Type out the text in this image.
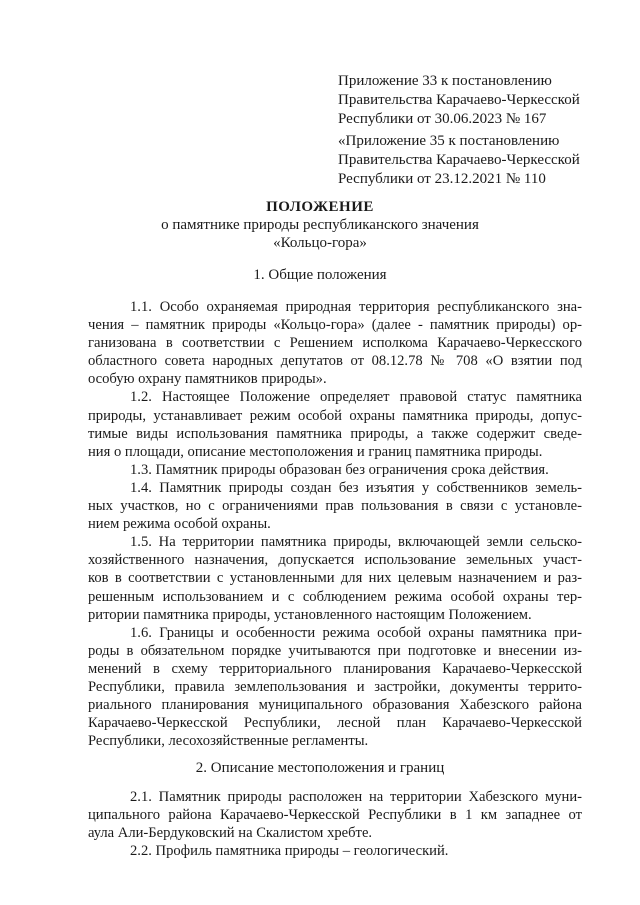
Приложение 33 к постановлению
Правительства Карачаево-Черкесской
Республики от 30.06.2023 № 167
«Приложение 35 к постановлению
Правительства Карачаево-Черкесской
Республики от 23.12.2021 № 110
ПОЛОЖЕНИЕ
о памятнике природы республиканского значения
«Кольцо-гора»
1. Общие положения
1.1. Особо охраняемая природная территория республиканского зна-
чения – памятник природы «Кольцо-гора» (далее - памятник природы) ор-
ганизована в соответствии с Решением исполкома Карачаево-Черкесского
областного совета народных депутатов от 08.12.78 № 708 «О взятии под
особую охрану памятников природы».
1.2. Настоящее Положение определяет правовой статус памятника
природы, устанавливает режим особой охраны памятника природы, допус-
тимые виды использования памятника природы, а также содержит сведе-
ния о площади, описание местоположения и границ памятника природы.
1.3. Памятник природы образован без ограничения срока действия.
1.4. Памятник природы создан без изъятия у собственников земель-
ных участков, но с ограничениями прав пользования в связи с установле-
нием режима особой охраны.
1.5. На территории памятника природы, включающей земли сельско-
хозяйственного назначения, допускается использование земельных участ-
ков в соответствии с установленными для них целевым назначением и раз-
решенным использованием и с соблюдением режима особой охраны тер-
ритории памятника природы, установленного настоящим Положением.
1.6. Границы и особенности режима особой охраны памятника при-
роды в обязательном порядке учитываются при подготовке и внесении из-
менений в схему территориального планирования Карачаево-Черкесской
Республики, правила землепользования и застройки, документы террито-
риального планирования муниципального образования Хабезского района
Карачаево-Черкесской Республики, лесной план Карачаево-Черкесской
Республики, лесохозяйственные регламенты.
2. Описание местоположения и границ
2.1. Памятник природы расположен на территории Хабезского муни-
ципального района Карачаево-Черкесской Республики в 1 км западнее от
аула Али-Бердуковский на Скалистом хребте.
2.2. Профиль памятника природы – геологический.
